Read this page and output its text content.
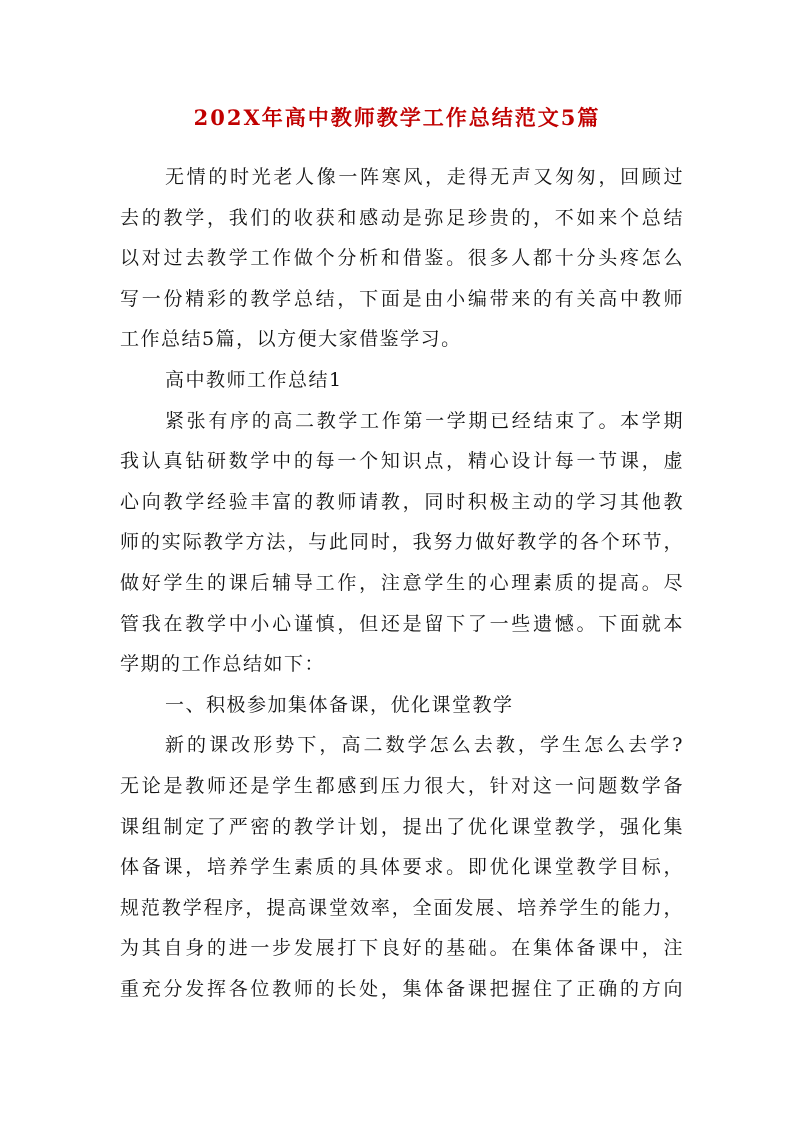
202X年高中教师教学工作总结范文5篇
无情的时光老人像一阵寒风，走得无声又匆匆，回顾过
去的教学，我们的收获和感动是弥足珍贵的，不如来个总结
以对过去教学工作做个分析和借鉴。很多人都十分头疼怎么
写一份精彩的教学总结，下面是由小编带来的有关高中教师
工作总结5篇，以方便大家借鉴学习。
高中教师工作总结1
紧张有序的高二教学工作第一学期已经结束了。本学期
我认真钻研数学中的每一个知识点，精心设计每一节课，虚
心向教学经验丰富的教师请教，同时积极主动的学习其他教
师的实际教学方法，与此同时，我努力做好教学的各个环节，
做好学生的课后辅导工作，注意学生的心理素质的提高。尽
管我在教学中小心谨慎，但还是留下了一些遗憾。下面就本
学期的工作总结如下：
一、积极参加集体备课，优化课堂教学
新的课改形势下，高二数学怎么去教，学生怎么去学?
无论是教师还是学生都感到压力很大，针对这一问题数学备
课组制定了严密的教学计划，提出了优化课堂教学，强化集
体备课，培养学生素质的具体要求。即优化课堂教学目标，
规范教学程序，提高课堂效率，全面发展、培养学生的能力，
为其自身的进一步发展打下良好的基础。在集体备课中，注
重充分发挥各位教师的长处，集体备课把握住了正确的方向
